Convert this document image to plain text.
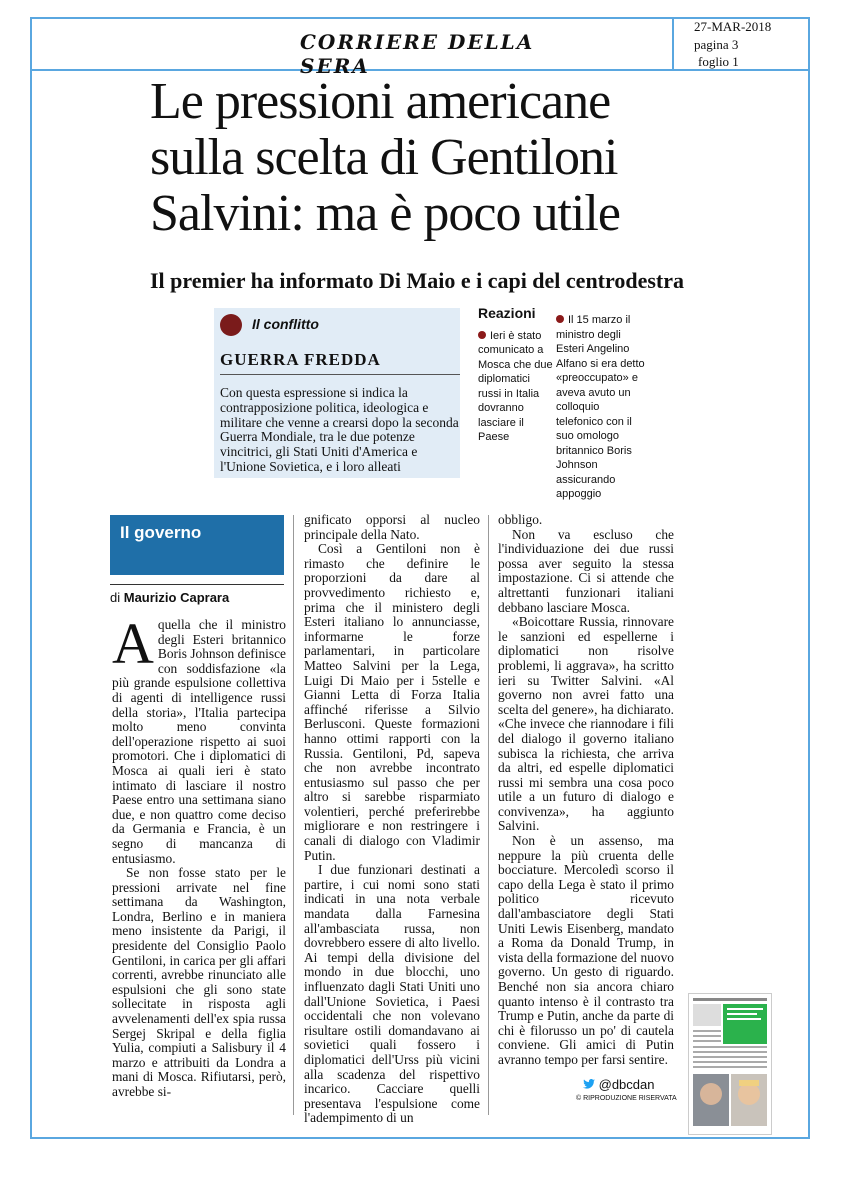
CORRIERE DELLA SERA
27-MAR-2018
pagina 3
foglio 1
Le pressioni americane
sulla scelta di Gentiloni
Salvini: ma è poco utile
Il premier ha informato Di Maio e i capi del centrodestra
Il conflitto
GUERRA FREDDA
Con questa espressione si indica la contrapposizione politica, ideologica e militare che venne a crearsi dopo la seconda Guerra Mondiale, tra le due potenze vincitrici, gli Stati Uniti d'America e l'Unione Sovietica, e i loro alleati
Reazioni
Ieri è stato comunicato a Mosca che due diplomatici russi in Italia dovranno lasciare il Paese
Il 15 marzo il ministro degli Esteri Angelino Alfano si era detto «preoccupato» e aveva avuto un colloquio telefonico con il suo omologo britannico Boris Johnson assicurando appoggio
Il governo
di Maurizio Caprara

Aquella che il ministro degli Esteri britannico Boris Johnson definisce con soddisfazione «la più grande espulsione collettiva di agenti di intelligence russi della storia», l'Italia partecipa molto meno convinta dell'operazione rispetto ai suoi promotori. Che i diplomatici di Mosca ai quali ieri è stato intimato di lasciare il nostro Paese entro una settimana siano due, e non quattro come deciso da Germania e Francia, è un segno di mancanza di entusiasmo.

Se non fosse stato per le pressioni arrivate nel fine settimana da Washington, Londra, Berlino e in maniera meno insistente da Parigi, il presidente del Consiglio Paolo Gentiloni, in carica per gli affari correnti, avrebbe rinunciato alle espulsioni che gli sono state sollecitate in risposta agli avvelenamenti dell'ex spia russa Sergej Skripal e della figlia Yulia, compiuti a Salisbury il 4 marzo e attribuiti da Londra a mani di Mosca. Rifiutarsi, però, avrebbe si-

gnificato opporsi al nucleo principale della Nato.

Così a Gentiloni non è rimasto che definire le proporzioni da dare al provvedimento richiesto e, prima che il ministero degli Esteri italiano lo annunciasse, informarne le forze parlamentari, in particolare Matteo Salvini per la Lega, Luigi Di Maio per i 5stelle e Gianni Letta di Forza Italia affinché riferisse a Silvio Berlusconi. Queste formazioni hanno ottimi rapporti con la Russia. Gentiloni, Pd, sapeva che non avrebbe incontrato entusiasmo sul passo che per altro si sarebbe risparmiato volentieri, perché preferirebbe migliorare e non restringere i canali di dialogo con Vladimir Putin.

I due funzionari destinati a partire, i cui nomi sono stati indicati in una nota verbale mandata dalla Farnesina all'ambasciata russa, non dovrebbero essere di alto livello. Ai tempi della divisione del mondo in due blocchi, uno influenzato dagli Stati Uniti uno dall'Unione Sovietica, i Paesi occidentali che non volevano risultare ostili domandavano ai sovietici quali fossero i diplomatici dell'Urss più vicini alla scadenza del rispettivo incarico. Cacciare quelli presentava l'espulsione come l'adempimento di un

obbligo.

Non va escluso che l'individuazione dei due russi possa aver seguito la stessa impostazione. Ci si attende che altrettanti funzionari italiani debbano lasciare Mosca.

«Boicottare Russia, rinnovare le sanzioni ed espellerne i diplomatici non risolve problemi, li aggrava», ha scritto ieri su Twitter Salvini. «Al governo non avrei fatto una scelta del genere», ha dichiarato. «Che invece che riannodare i fili del dialogo il governo italiano subisca la richiesta, che arriva da altri, ed espelle diplomatici russi mi sembra una cosa poco utile a un futuro di dialogo e convivenza», ha aggiunto Salvini.

Non è un assenso, ma neppure la più cruenta delle bocciature. Mercoledì scorso il capo della Lega è stato il primo politico ricevuto dall'ambasciatore degli Stati Uniti Lewis Eisenberg, mandato a Roma da Donald Trump, in vista della formazione del nuovo governo. Un gesto di riguardo. Benché non sia ancora chiaro quanto intenso è il contrasto tra Trump e Putin, anche da parte di chi è filorusso un po' di cautela conviene. Gli amici di Putin avranno tempo per farsi sentire.

@dbcdan
© RIPRODUZIONE RISERVATA
